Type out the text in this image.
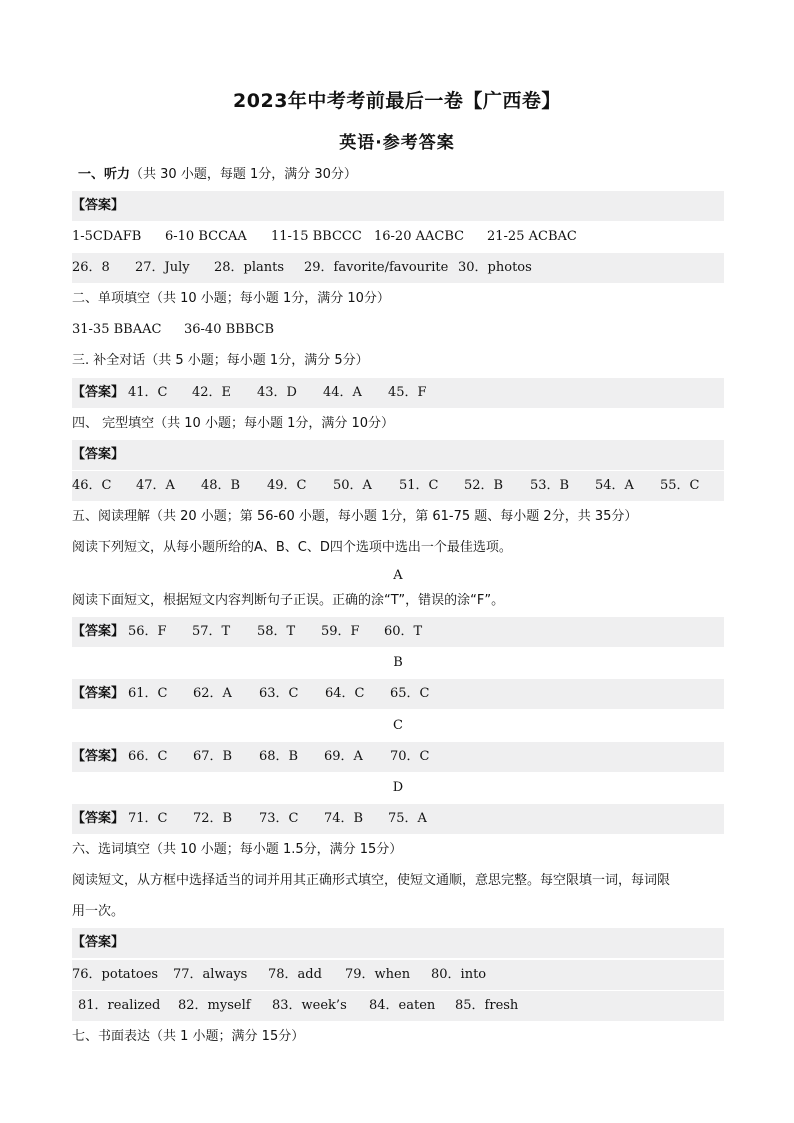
2023年中考考前最后一卷【广西卷】
英语·参考答案
一、听力（共 30 小题，每题 1分，满分 30分）
【答案】
1-5CDAFB 6-10 BCCAA 11-15 BBCCC 16-20 AACBC 21-25 ACBAC
26．8 27．July 28．plants 29．favorite/favourite 30．photos
二、单项填空（共 10 小题；每小题 1分，满分 10分）
31-35 BBAAC 36-40 BBBCB
三. 补全对话（共 5 小题；每小题 1分，满分 5分）
【答案】 41．C 42．E 43．D 44．A 45．F
四、 完型填空（共 10 小题；每小题 1分，满分 10分）
【答案】
46．C 47．A 48．B 49．C 50．A 51．C 52．B 53．B 54．A 55．C
五、阅读理解（共 20 小题；第 56-60 小题，每小题 1分，第 61-75 题、每小题 2分，共 35分）
阅读下列短文，从每小题所给的A、B、C、D四个选项中选出一个最佳选项。
A
阅读下面短文，根据短文内容判断句子正误。正确的涂“T”，错误的涂“F”。
【答案】 56．F 57．T 58．T 59．F 60．T
B
【答案】 61．C 62．A 63．C 64．C 65．C
C
【答案】 66．C 67．B 68．B 69．A 70．C
D
【答案】 71．C 72．B 73．C 74．B 75．A
六、选词填空（共 10 小题；每小题 1.5分，满分 15分）
阅读短文，从方框中选择适当的词并用其正确形式填空，使短文通顺，意思完整。每空限填一词，每词限
用一次。
【答案】
76．potatoes 77．always 78．add 79．when 80．into
81．realized 82．myself 83．week’s 84．eaten 85．fresh
七、书面表达（共 1 小题；满分 15分）
